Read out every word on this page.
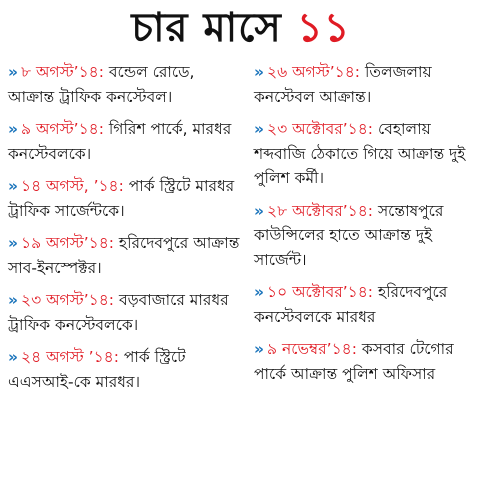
চার মাসে ১১
» ৮ অগস্ট’১৪: বন্ডেল রোডে, আক্রান্ত ট্রাফিক কনস্টেবল।
» ৯ অগস্ট’১৪: গিরিশ পার্কে, মারধর কনস্টেবলকে।
» ১৪ অগস্ট, ’১৪: পার্ক স্ট্রিটে মারধর ট্রাফিক সার্জেন্টকে।
» ১৯ অগস্ট’১৪: হরিদেবপুরে আক্রান্ত সাব-ইনস্পেক্টর।
» ২৩ অগস্ট’১৪: বড়বাজারে মারধর ট্রাফিক কনস্টেবলকে।
» ২৪ অগস্ট ’১৪: পার্ক স্ট্রিটে এএসআই-কে মারধর।
» ২৬ অগস্ট’১৪: তিলজলায় কনস্টেবল আক্রান্ত।
» ২৩ অক্টোবর’১৪: বেহালায় শব্দবাজি ঠেকাতে গিয়ে আক্রান্ত দুই পুলিশ কর্মী।
» ২৮ অক্টোবর’১৪: সন্তোষপুরে কাউন্সিলের হাতে আক্রান্ত দুই সার্জেন্ট।
» ১০ অক্টোবর’১৪: হরিদেবপুরে কনস্টেবলকে মারধর
» ৯ নভেম্বর’১৪: কসবার টেগোর পার্কে আক্রান্ত পুলিশ অফিসার
